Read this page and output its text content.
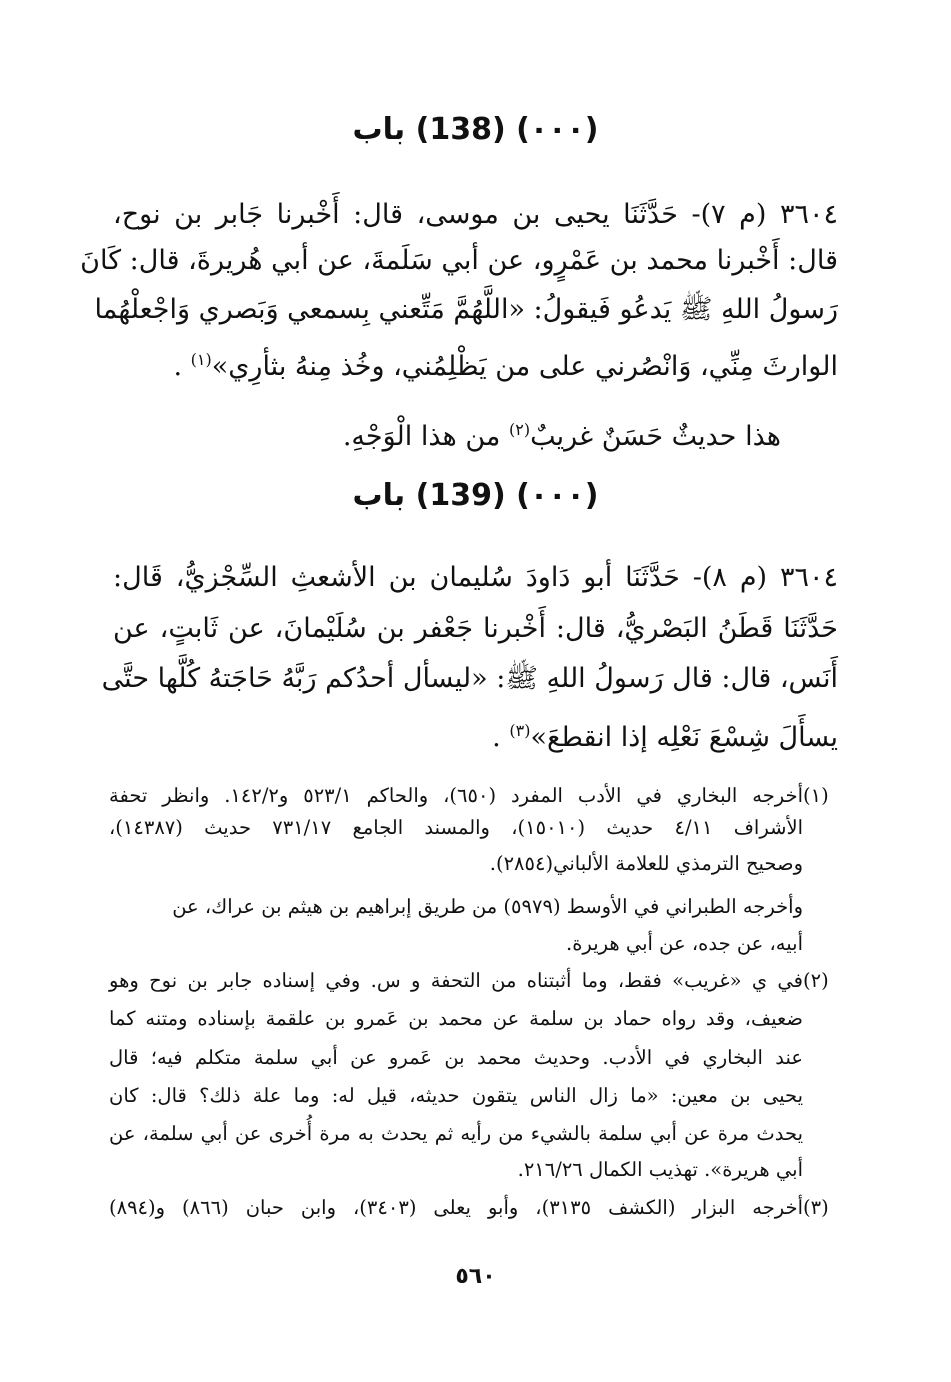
(٠٠٠) (138) باب
٣٦٠٤ (م ٧)- حَدَّثَنَا يحيى بن موسى، قال: أَخْبرنا جَابر بن نوح،
قال: أَخْبرنا محمد بن عَمْرٍو، عن أبي سَلَمةَ، عن أبي هُريرةَ، قال: كَانَ
رَسولُ اللهِ ﷺ يَدعُو فَيقولُ: «اللَّهُمَّ مَتِّعني بِسمعي وَبَصري وَاجْعلْهُما
الوارثَ مِنِّي، وَانْصُرني على من يَظْلِمُني، وخُذ مِنهُ بثأرِي»$^{(١)}$ .
هذا حديثٌ حَسَنٌ غريبٌ$^{(٢)}$ من هذا الْوَجْهِ.
(٠٠٠) (139) باب
٣٦٠٤ (م ٨)- حَدَّثَنَا أبو دَاودَ سُليمان بن الأشعثِ السِّجْزيُّ، قَال:
حَدَّثَنَا قَطَنُ البَصْريُّ، قال: أَخْبرنا جَعْفر بن سُلَيْمانَ، عن ثَابتٍ، عن
أَنَس، قال: قال رَسولُ اللهِ ﷺ: «ليسأل أحدُكم رَبَّهُ حَاجَتهُ كُلَّها حتَّى
يسأَلَ شِسْعَ نَعْلِه إذا انقطعَ»$^{(٣)}$ .
(١)
أخرجه البخاري في الأدب المفرد (٦٥٠)، والحاكم ٥٢٣/١ و١٤٢/٢. وانظر تحفة
الأشراف ٤/١١ حديث (١٥٠١٠)، والمسند الجامع ٧٣١/١٧ حديث (١٤٣٨٧)،
وصحيح الترمذي للعلامة الألباني(٢٨٥٤).
وأخرجه الطبراني في الأوسط (٥٩٧٩) من طريق إبراهيم بن هيثم بن عراك، عن
أبيه، عن جده، عن أبي هريرة.
(٢)
في ي «غريب» فقط، وما أثبتناه من التحفة و س. وفي إسناده جابر بن نوح وهو
ضعيف، وقد رواه حماد بن سلمة عن محمد بن عَمرو بن علقمة بإسناده ومتنه كما
عند البخاري في الأدب. وحديث محمد بن عَمرو عن أبي سلمة متكلم فيه؛ قال
يحيى بن معين: «ما زال الناس يتقون حديثه، قيل له: وما علة ذلك؟ قال: كان
يحدث مرة عن أبي سلمة بالشيء من رأيه ثم يحدث به مرة أُخرى عن أبي سلمة، عن
أبي هريرة». تهذيب الكمال ٢١٦/٢٦.
(٣)
أخرجه البزار (الكشف ٣١٣٥)، وأبو يعلى (٣٤٠٣)، وابن حبان (٨٦٦) و(٨٩٤)
٥٦٠
